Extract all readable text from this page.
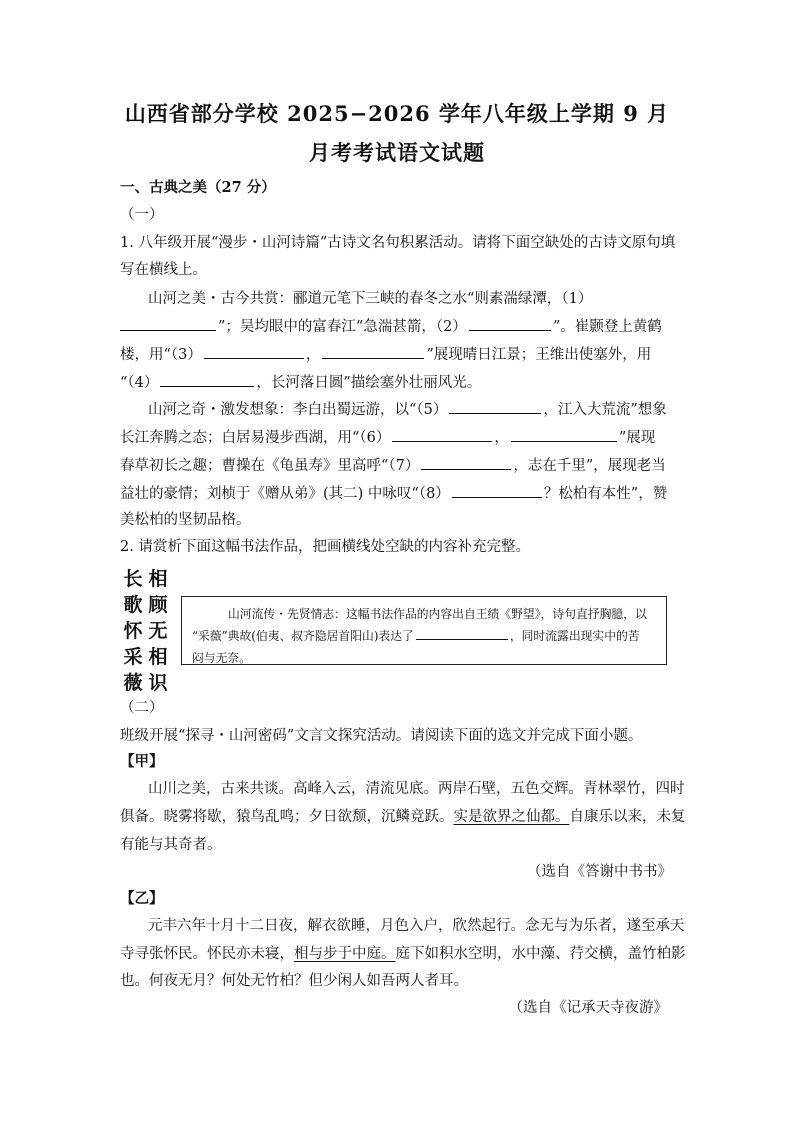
山西省部分学校 2025−2026 学年八年级上学期 9 月
月考考试语文试题
一、古典之美（27 分）
（一）
1. 八年级开展“漫步・山河诗篇”古诗文名句积累活动。请将下面空缺处的古诗文原句填
写在横线上。
山河之美・古今共赏：郦道元笔下三峡的春冬之水“则素湍绿潭，（1）
”；吴均眼中的富春江“急湍甚箭，（2）	”。崔颢登上黄鹤
楼，用“（3）	，	”展现晴日江景；王维出使塞外，用
“（4）	，长河落日圆”描绘塞外壮丽风光。
山河之奇・激发想象：李白出蜀远游，以“（5）	，江入大荒流”想象
长江奔腾之态；白居易漫步西湖，用“（6）	，	”展现
春草初长之趣；曹操在《龟虽寿》里高呼“（7）	，志在千里”，展现老当
益壮的豪情；刘桢于《赠从弟》(其二) 中咏叹“（8）	？松柏有本性”，赞
美松柏的坚韧品格。
2. 请赏析下面这幅书法作品，把画横线处空缺的内容补充完整。
相
顾
无
相
识
长
歌
怀
采
薇
山河流传・先贤情志：这幅书法作品的内容出自王绩《野望》，诗句直抒胸臆，以
“采薇”典故(伯夷、叔齐隐居首阳山)表达了	，同时流露出现实中的苦
闷与无奈。
（二）
班级开展“探寻・山河密码”文言文探究活动。请阅读下面的选文并完成下面小题。
【甲】
山川之美，古来共谈。高峰入云，清流见底。两岸石壁，五色交辉。青林翠竹，四时
俱备。晓雾将歇，猿鸟乱鸣；夕日欲颓，沉鳞竞跃。实是欲界之仙都。自康乐以来，未复
有能与其奇者。
（选自《答谢中书书》
【乙】
元丰六年十月十二日夜，解衣欲睡，月色入户，欣然起行。念无与为乐者，遂至承天
寺寻张怀民。怀民亦未寝，相与步于中庭。庭下如积水空明，水中藻、荇交横，盖竹柏影
也。何夜无月？何处无竹柏？但少闲人如吾两人者耳。
（选自《记承天寺夜游》
